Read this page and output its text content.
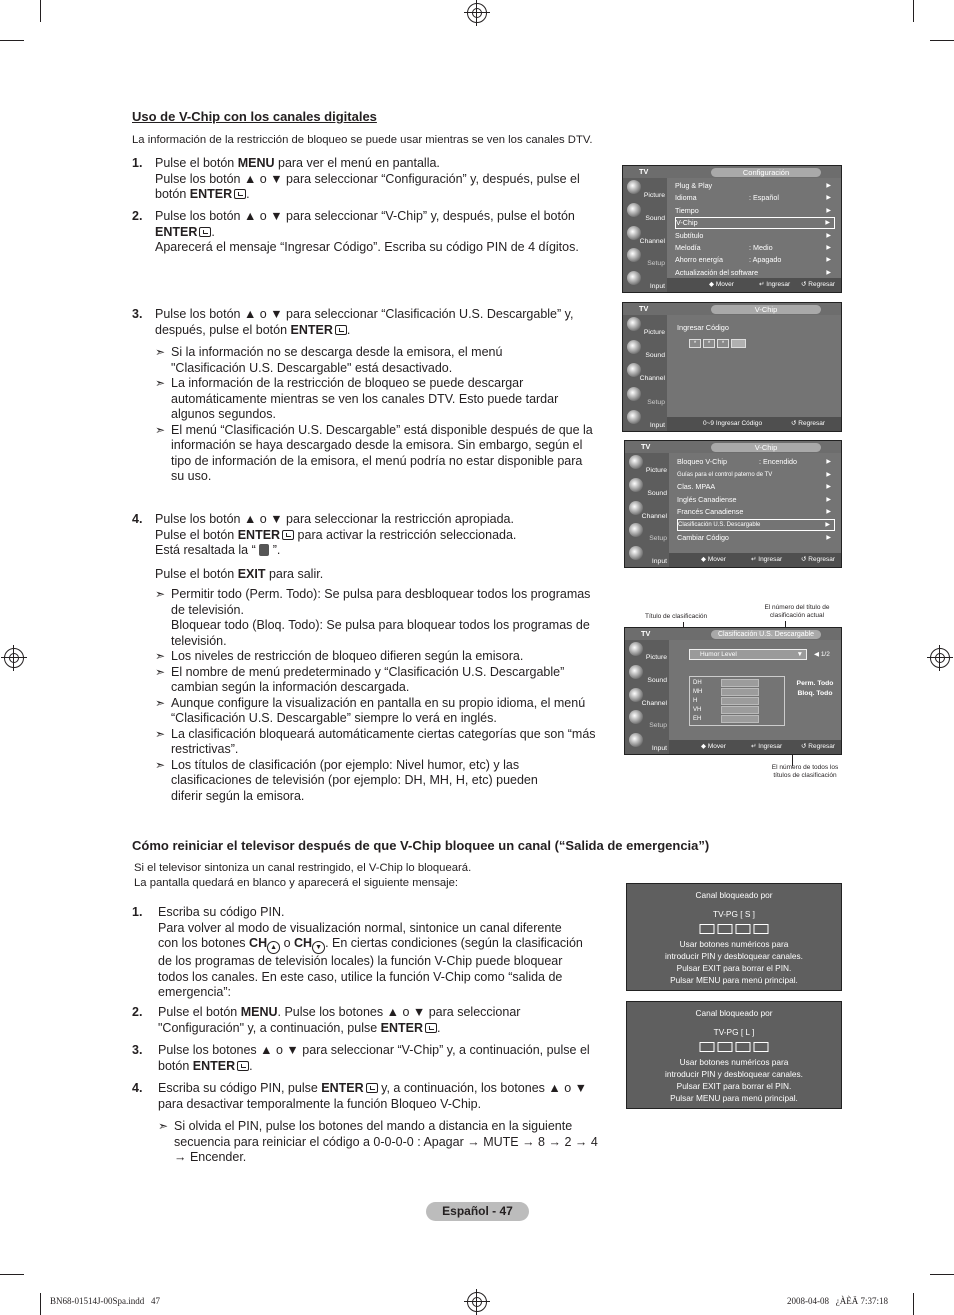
Uso de V-Chip con los canales digitales
La información de la restricción de bloqueo se puede usar mientras se ven los canales DTV.
1. Pulse el botón MENU para ver el menú en pantalla.
Pulse los botón ▲ o ▼ para seleccionar “Configuración” y, después, pulse el
botón ENTER .
2. Pulse los botón ▲ o ▼ para seleccionar “V-Chip” y, después, pulse el botón
ENTER .
Aparecerá el mensaje “Ingresar Código”. Escriba su código PIN de 4 dígitos.
3. Pulse los botón ▲ o ▼ para seleccionar “Clasificación U.S. Descargable” y,
después, pulse el botón ENTER .
➣ Si la información no se descarga desde la emisora, el menú
"Clasificación U.S. Descargable" está desactivado.
➣ La información de la restricción de bloqueo se puede descargar
automáticamente mientras se ven los canales DTV. Esto puede tardar
algunos segundos.
➣ El menú “Clasificación U.S. Descargable” está disponible después de que la
información se haya descargado desde la emisora. Sin embargo, según el
tipo de información de la emisora, el menú podría no estar disponible para
su uso.
4. Pulse los botón ▲ o ▼ para seleccionar la restricción apropiada.
Pulse el botón ENTER para activar la restricción seleccionada.
Está resaltada la “ ”.
Pulse el botón EXIT para salir.
➣ Permitir todo (Perm. Todo): Se pulsa para desbloquear todos los programas
de televisión.
Bloquear todo (Bloq. Todo): Se pulsa para bloquear todos los programas de
televisión.
➣ Los niveles de restricción de bloqueo difieren según la emisora.
➣ El nombre de menú predeterminado y “Clasificación U.S. Descargable”
cambian según la información descargada.
➣ Aunque configure la visualización en pantalla en su propio idioma, el menú
“Clasificación U.S. Descargable” siempre lo verá en inglés.
➣ La clasificación bloqueará automáticamente ciertas categorías que son “más
restrictivas”.
➣ Los títulos de clasificación (por ejemplo: Nivel humor, etc) y las
clasificaciones de televisión (por ejemplo: DH, MH, H, etc) pueden
diferir según la emisora.
TV	Configuración
Picture
Sound
Channel
Setup
Input
Plug & Play	▶
Idioma	: Español	▶
Tiempo	▶
V-Chip	▶
Subtítulo	▶
Melodía	: Medio	▶
Ahorro energía	: Apagado	▶
Actualización del software	▶
◆ Mover	↵ Ingresar ↺ Regresar
TV	V-Chip
Picture
Sound
Channel
Setup
Input
Ingresar Código
*	*	*
0~9 Ingresar Código	↺ Regresar
TV	V-Chip
Picture
Sound
Channel
Setup
Input
Bloqueo V-Chip	: Encendido	▶
Guías para el control paterno de TV	▶
Clas. MPAA	▶
Inglés Canadiense	▶
Francés Canadiense	▶
Clasificación U.S. Descargable	▶
Cambiar Código	▶
◆ Mover	↵ Ingresar	↺ Regresar
Título de clasificación
El número del título de
clasificación actual
TV	Clasificación U.S. Descargable
Picture
Sound
Channel
Setup
Input
Humor Level	▼ ◀ 1/2
DH
MH
H
VH
EH
Perm. Todo
Bloq. Todo
◆ Mover	↵ Ingresar	↺ Regresar
El número de todos los
títulos de clasificación
Cómo reiniciar el televisor después de que V-Chip bloquee un canal (“Salida de emergencia”)
Si el televisor sintoniza un canal restringido, el V-Chip lo bloqueará.
La pantalla quedará en blanco y aparecerá el siguiente mensaje:
1. Escriba su código PIN.
Para volver al modo de visualización normal, sintonice un canal diferente
con los botones CH ▲ o CH ▼ . En ciertas condiciones (según la clasificación
de los programas de televisión locales) la función V-Chip puede bloquear
todos los canales. En este caso, utilice la función V-Chip como “salida de
emergencia”:
2. Pulse el botón MENU. Pulse los botones ▲ o ▼ para seleccionar
"Configuración" y, a continuación, pulse ENTER .
3. Pulse los botones ▲ o ▼ para seleccionar “V-Chip” y, a continuación, pulse el
botón ENTER .
4. Escriba su código PIN, pulse ENTER y, a continuación, los botones ▲ o ▼
para desactivar temporalmente la función Bloqueo V-Chip.
➣ Si olvida el PIN, pulse los botones del mando a distancia en la siguiente
secuencia para reiniciar el código a 0-0-0-0 : Apagar → MUTE → 8 → 2 → 4
→ Encender.
Canal bloqueado por
TV-PG [ S ]
Usar botones numéricos para
introducir PIN y desbloquear canales.
Pulsar EXIT para borrar el PIN.
Pulsar MENU para menú principal.
Canal bloqueado por
TV-PG [ L ]
Usar botones numéricos para
introducir PIN y desbloquear canales.
Pulsar EXIT para borrar el PIN.
Pulsar MENU para menú principal.
Español - 47
BN68-01514J-00Spa.indd   47	2008-04-08   ¿ÀÈÄ 7:37:18
